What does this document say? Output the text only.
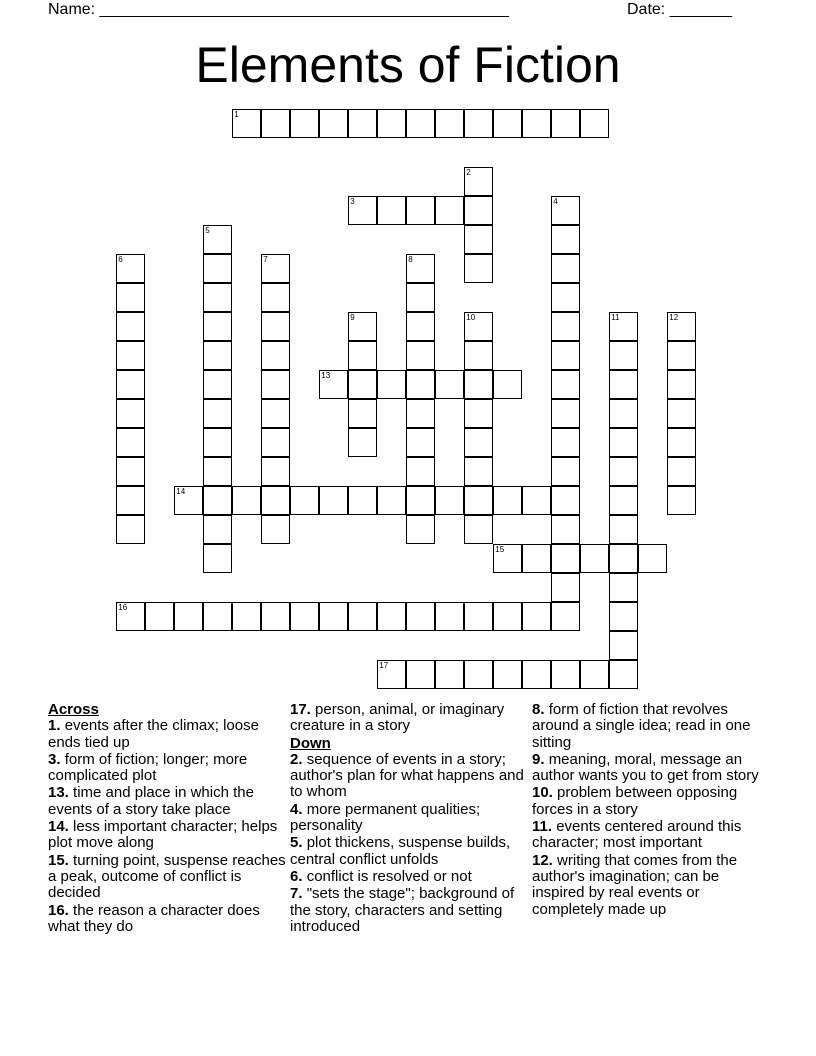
Name: ______________________________________________	Date: _______
Elements of Fiction
1
2
3	4
5
6	7	8
9	10	11	12
13
14
15
16
17
Across
1. events after the climax; loose ends tied up
3. form of fiction; longer; more complicated plot
13. time and place in which the events of a story take place
14. less important character; helps plot move along
15. turning point, suspense reaches a peak, outcome of conflict is decided
16. the reason a character does what they do
17. person, animal, or imaginary creature in a story
Down
2. sequence of events in a story; author's plan for what happens and to whom
4. more permanent qualities; personality
5. plot thickens, suspense builds, central conflict unfolds
6. conflict is resolved or not
7. "sets the stage"; background of the story, characters and setting introduced
8. form of fiction that revolves around a single idea; read in one sitting
9. meaning, moral, message an author wants you to get from story
10. problem between opposing forces in a story
11. events centered around this character; most important
12. writing that comes from the author's imagination; can be inspired by real events or completely made up
